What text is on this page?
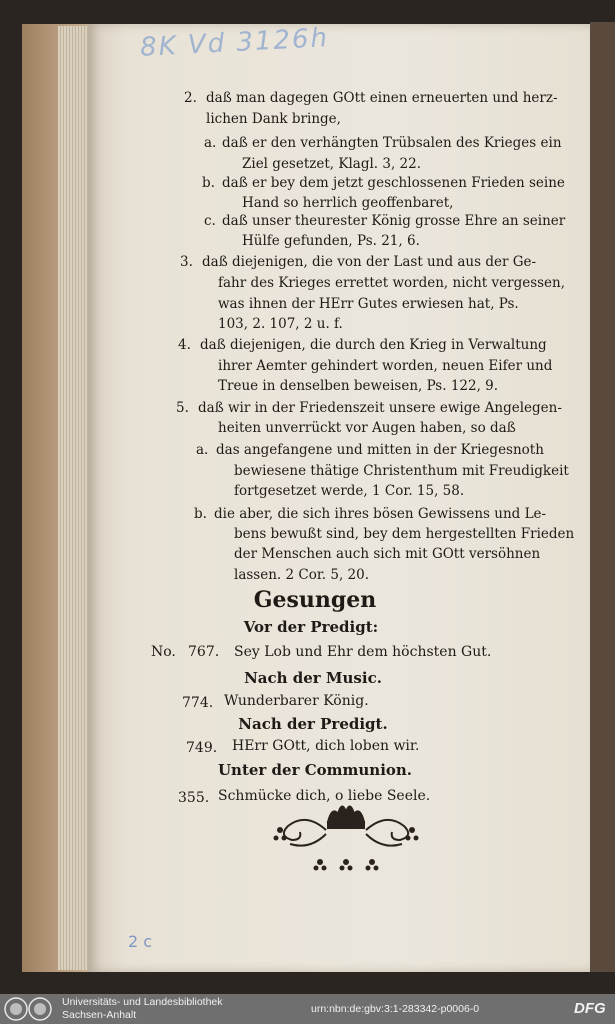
8K Vd 3126h
2. daß man dagegen GOtt einen erneuerten und herz-
lichen Dank bringe,
a. daß er den verhängten Trübsalen des Krieges ein
Ziel gesetzet, Klagl. 3, 22.
b. daß er bey dem jetzt geschlossenen Frieden seine
Hand so herrlich geoffenbaret,
c. daß unser theurester König grosse Ehre an seiner
Hülfe gefunden, Ps. 21, 6.
3. daß diejenigen, die von der Last und aus der Ge-
fahr des Krieges errettet worden, nicht vergessen,
was ihnen der HErr Gutes erwiesen hat, Ps.
103, 2. 107, 2 u. f.
4. daß diejenigen, die durch den Krieg in Verwaltung
ihrer Aemter gehindert worden, neuen Eifer und
Treue in denselben beweisen, Ps. 122, 9.
5. daß wir in der Friedenszeit unsere ewige Angelegen-
heiten unverrückt vor Augen haben, so daß
a. das angefangene und mitten in der Kriegesnoth
bewiesene thätige Christenthum mit Freudigkeit
fortgesetzet werde, 1 Cor. 15, 58.
b. die aber, die sich ihres bösen Gewissens und Le-
bens bewußt sind, bey dem hergestellten Frieden
der Menschen auch sich mit GOtt versöhnen
lassen. 2 Cor. 5, 20.
Gesungen
Vor der Predigt:
No. 767. Sey Lob und Ehr dem höchsten Gut.
Nach der Music.
774. Wunderbarer König.
Nach der Predigt.
749. HErr GOtt, dich loben wir.
Unter der Communion.
355. Schmücke dich, o liebe Seele.
2 c
Universitäts- und Landesbibliothek
Sachsen-Anhalt	urn:nbn:de:gbv:3:1-283342-p0006-0	DFG
